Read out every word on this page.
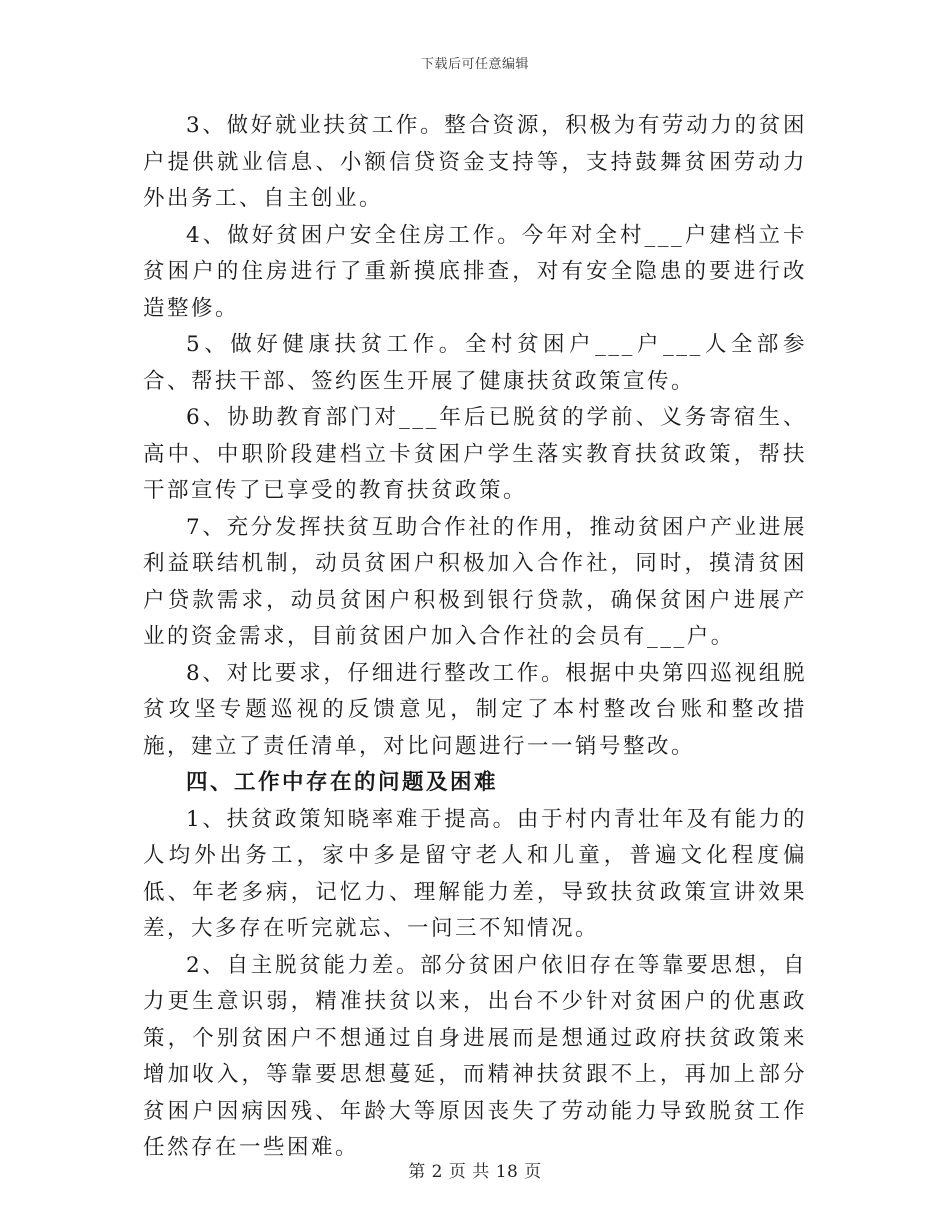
下载后可任意编辑

3、做好就业扶贫工作。整合资源，积极为有劳动力的贫困户提供就业信息、小额信贷资金支持等，支持鼓舞贫困劳动力外出务工、自主创业。

4、做好贫困户安全住房工作。今年对全村___户建档立卡贫困户的住房进行了重新摸底排查，对有安全隐患的要进行改造整修。

5、做好健康扶贫工作。全村贫困户___户___人全部参合、帮扶干部、签约医生开展了健康扶贫政策宣传。

6、协助教育部门对___年后已脱贫的学前、义务寄宿生、高中、中职阶段建档立卡贫困户学生落实教育扶贫政策，帮扶干部宣传了已享受的教育扶贫政策。

7、充分发挥扶贫互助合作社的作用，推动贫困户产业进展利益联结机制，动员贫困户积极加入合作社，同时，摸清贫困户贷款需求，动员贫困户积极到银行贷款，确保贫困户进展产业的资金需求，目前贫困户加入合作社的会员有___户。

8、对比要求，仔细进行整改工作。根据中央第四巡视组脱贫攻坚专题巡视的反馈意见，制定了本村整改台账和整改措施，建立了责任清单，对比问题进行一一销号整改。

四、工作中存在的问题及困难

1、扶贫政策知晓率难于提高。由于村内青壮年及有能力的人均外出务工，家中多是留守老人和儿童，普遍文化程度偏低、年老多病，记忆力、理解能力差，导致扶贫政策宣讲效果差，大多存在听完就忘、一问三不知情况。

2、自主脱贫能力差。部分贫困户依旧存在等靠要思想，自力更生意识弱，精准扶贫以来，出台不少针对贫困户的优惠政策，个别贫困户不想通过自身进展而是想通过政府扶贫政策来增加收入，等靠要思想蔓延，而精神扶贫跟不上，再加上部分贫困户因病因残、年龄大等原因丧失了劳动能力导致脱贫工作任然存在一些困难。

第 2 页 共 18 页
